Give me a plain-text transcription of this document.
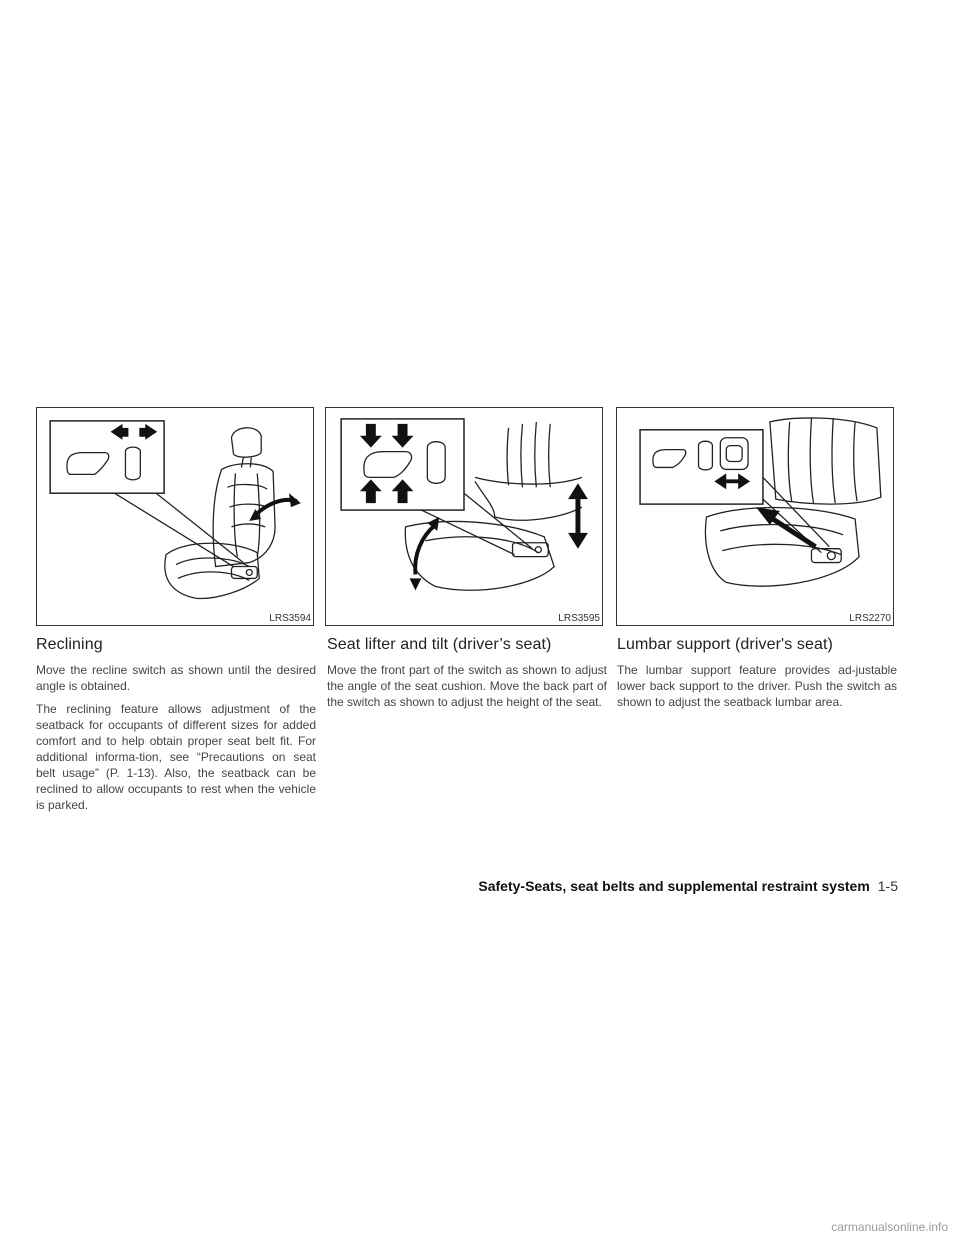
LRS3594	LRS3595	LRS2270
Reclining

Move the recline switch as shown until the desired angle is obtained.

The reclining feature allows adjustment of the seatback for occupants of different sizes for added comfort and to help obtain proper seat belt fit. For additional informa-tion, see “Precautions on seat belt usage” (P. 1-13). Also, the seatback can be reclined to allow occupants to rest when the vehicle is parked.

Seat lifter and tilt (driver’s seat)

Move the front part of the switch as shown to adjust the angle of the seat cushion. Move the back part of the switch as shown to adjust the height of the seat.

Lumbar support (driver's seat)

The lumbar support feature provides ad-justable lower back support to the driver. Push the switch as shown to adjust the seatback lumbar area.

Safety-Seats, seat belts and supplemental restraint system 1-5
carmanualsonline.info
